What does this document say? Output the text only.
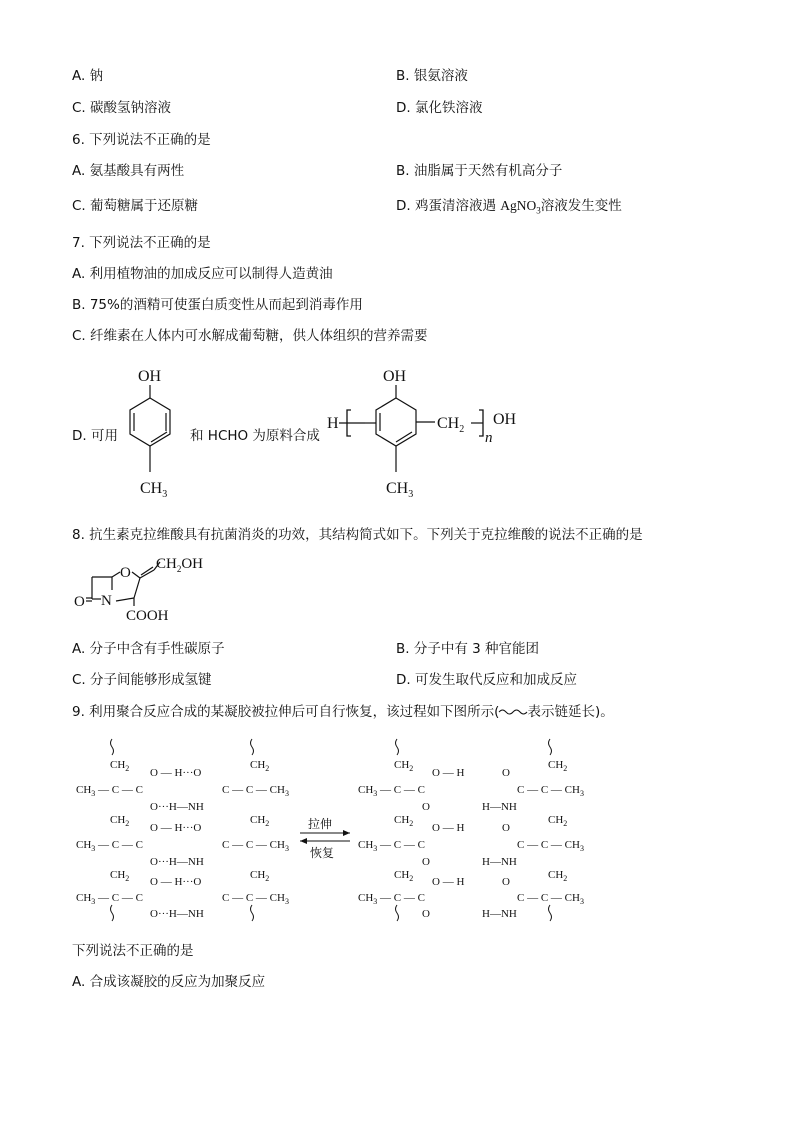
A. 钠	B. 银氨溶液
C. 碳酸氢钠溶液	D. 氯化铁溶液
6. 下列说法不正确的是
A. 氨基酸具有两性	B. 油脂属于天然有机高分子
C. 葡萄糖属于还原糖	D. 鸡蛋清溶液遇 AgNO$_3$溶液发生变性
7. 下列说法不正确的是
A. 利用植物油的加成反应可以制得人造黄油
B. 75%的酒精可使蛋白质变性从而起到消毒作用
C. 纤维素在人体内可水解成葡萄糖，供人体组织的营养需要
D. 可用	和 HCHO 为原料合成
OH
$CH_3$
H
OH
$CH_2$
n
OH
$CH_3$
8. 抗生素克拉维酸具有抗菌消炎的功效，其结构简式如下。下列关于克拉维酸的说法不正确的是
O N
O
$CH_2OH$
COOH
A. 分子中含有手性碳原子	B. 分子中有 3 种官能团
C. 分子间能够形成氢键	D. 可发生取代反应和加成反应
9. 利用聚合反应合成的某凝胶被拉伸后可自行恢复，该过程如下图所示( 表示链延长)。
$CH_2$
$CH_3$ — C — C
O — H···O
O···H—NH
C — C — $CH_3$
$CH_2$
$CH_2$
$CH_3$ — C — C
O — H···O
O···H—NH
C — C — $CH_3$
$CH_2$
$CH_2$
$CH_3$ — C — C
O — H···O
O···H—NH
C — C — $CH_3$
$CH_2$
拉伸
恢复
$CH_2$
$CH_3$ — C — C
O — H
O
O
H—NH
C — C — $CH_3$
$CH_2$
$CH_2$
$CH_3$ — C — C
O — H
O
O
H—NH
C — C — $CH_3$
$CH_2$
$CH_2$
$CH_3$ — C — C
O — H
O
O
H—NH
C — C — $CH_3$
$CH_2$
下列说法不正确的是
A. 合成该凝胶的反应为加聚反应
